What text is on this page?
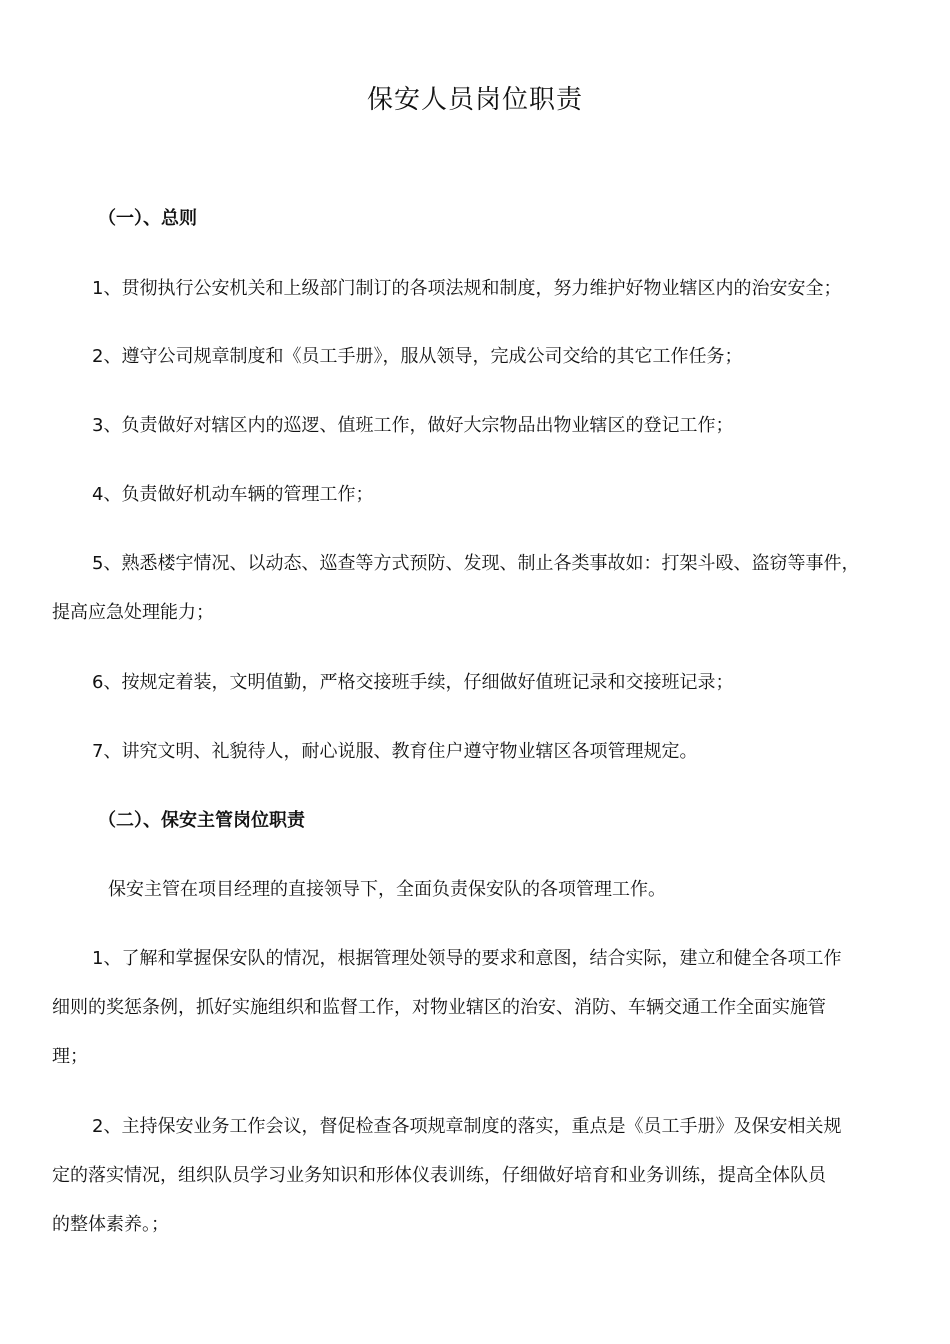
保安人员岗位职责

（一）、总则

1、贯彻执行公安机关和上级部门制订的各项法规和制度，努力维护好物业辖区内的治安安全；

2、遵守公司规章制度和《员工手册》，服从领导，完成公司交给的其它工作任务；

3、负责做好对辖区内的巡逻、值班工作，做好大宗物品出物业辖区的登记工作；

4、负责做好机动车辆的管理工作；

5、熟悉楼宇情况、以动态、巡查等方式预防、发现、制止各类事故如：打架斗殴、盗窃等事件，

提高应急处理能力；

6、按规定着装，文明值勤，严格交接班手续，仔细做好值班记录和交接班记录；

7、讲究文明、礼貌待人，耐心说服、教育住户遵守物业辖区各项管理规定。

（二）、保安主管岗位职责

保安主管在项目经理的直接领导下，全面负责保安队的各项管理工作。

1、了解和掌握保安队的情况，根据管理处领导的要求和意图，结合实际，建立和健全各项工作

细则的奖惩条例，抓好实施组织和监督工作，对物业辖区的治安、消防、车辆交通工作全面实施管

理；

2、主持保安业务工作会议，督促检查各项规章制度的落实，重点是《员工手册》及保安相关规

定的落实情况，组织队员学习业务知识和形体仪表训练，仔细做好培育和业务训练，提高全体队员

的整体素养。；
